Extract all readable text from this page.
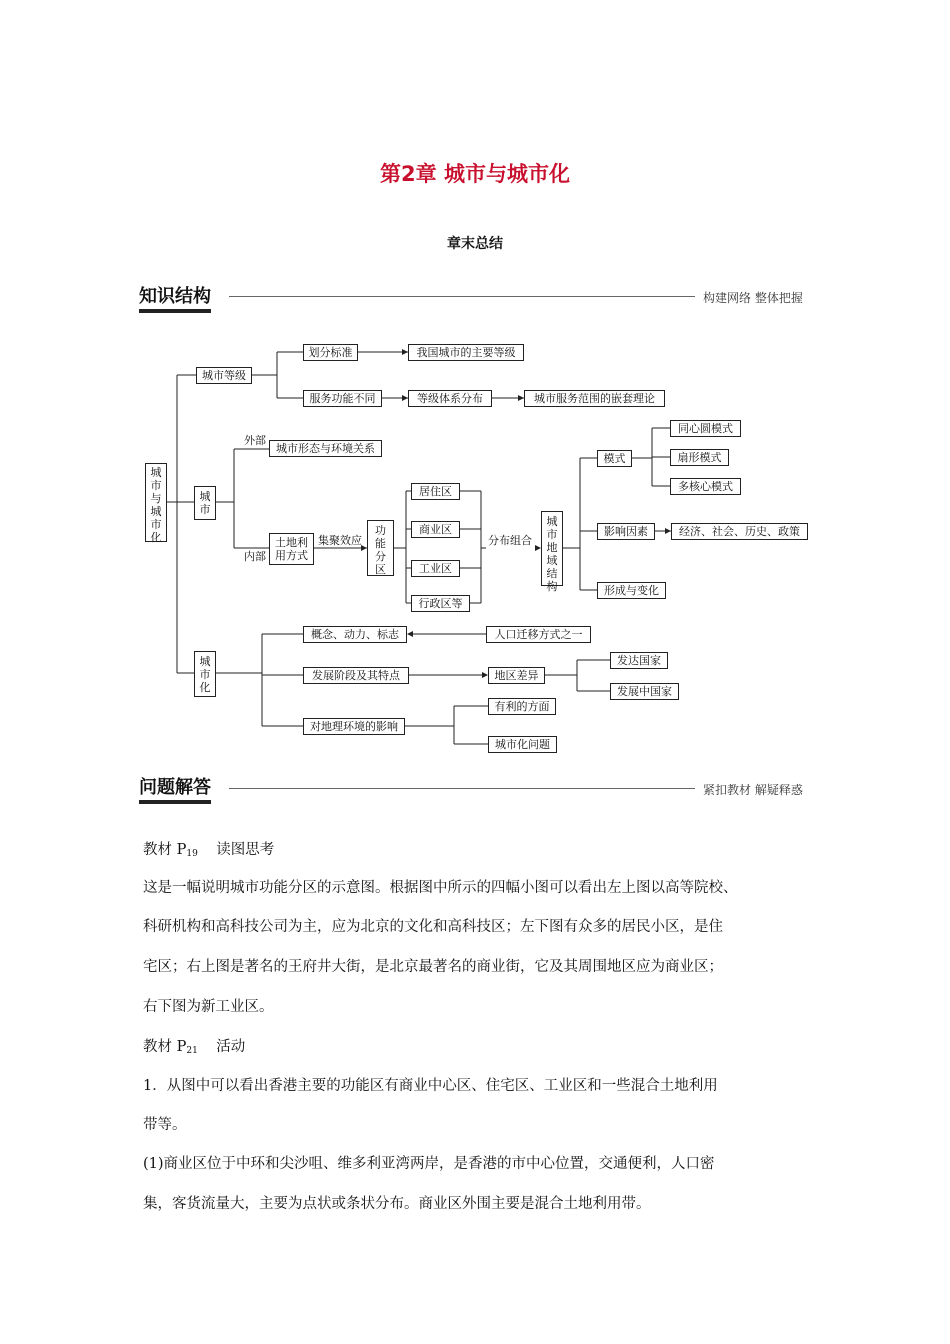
第2章 城市与城市化
章末总结
知识结构	构建网络 整体把握
城市与城市化
城市等级
划分标准	我国城市的主要等级
服务功能不同	等级体系分布	城市服务范围的嵌套理论
城市
外部
内部
城市形态与环境关系
土地利用方式
集聚效应
功能分区
居住区
商业区
工业区
行政区等
分布组合
城市地域结构
模式
同心圆模式
扇形模式
多核心模式
影响因素	经济、社会、历史、政策
形成与变化
城市化
概念、动力、标志	人口迁移方式之一
发展阶段及其特点	地区差异
发达国家
发展中国家
对地理环境的影响
有利的方面
城市化问题
问题解答	紧扣教材 解疑释惑
教材 $P_{19}$ 读图思考
这是一幅说明城市功能分区的示意图。根据图中所示的四幅小图可以看出左上图以高等院校、
科研机构和高科技公司为主，应为北京的文化和高科技区；左下图有众多的居民小区，是住
宅区；右上图是著名的王府井大街，是北京最著名的商业街，它及其周围地区应为商业区；
右下图为新工业区。
教材 $P_{21}$ 活动
1．从图中可以看出香港主要的功能区有商业中心区、住宅区、工业区和一些混合土地利用
带等。
(1)商业区位于中环和尖沙咀、维多利亚湾两岸，是香港的市中心位置，交通便利，人口密
集，客货流量大，主要为点状或条状分布。商业区外围主要是混合土地利用带。
